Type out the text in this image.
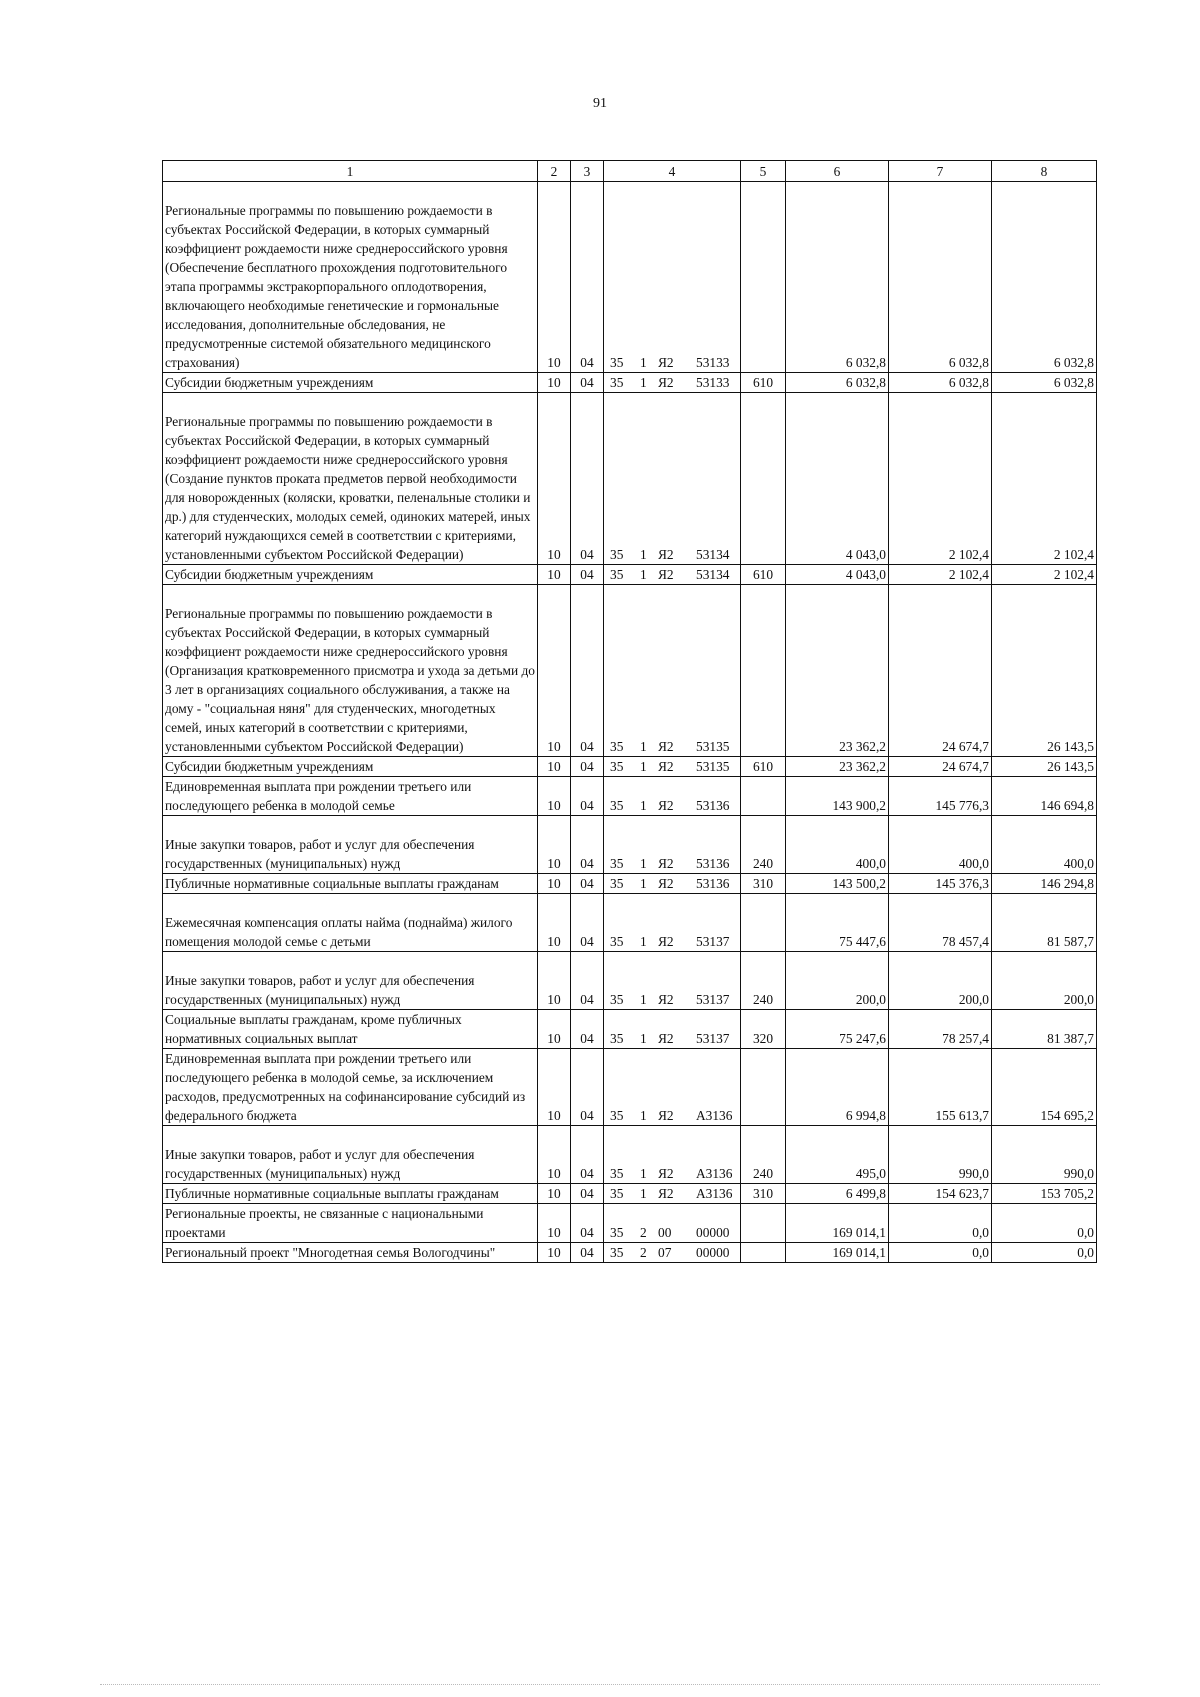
91
1	2	3	4	5	6	7	8

Региональные программы по повышению рождаемости в субъектах Российской Федерации, в которых суммарный коэффициент рождаемости ниже среднероссийского уровня (Обеспечение бесплатного прохождения подготовительного этапа программы экстракорпорального оплодотворения, включающего необходимые генетические и гормональные исследования, дополнительные обследования, не предусмотренные системой обязательного медицинского страхования)	10	04	35 1 Я2 53133		6 032,8	6 032,8	6 032,8
Субсидии бюджетным учреждениям	10	04	35 1 Я2 53133	610	6 032,8	6 032,8	6 032,8

Региональные программы по повышению рождаемости в субъектах Российской Федерации, в которых суммарный коэффициент рождаемости ниже среднероссийского уровня (Создание пунктов проката предметов первой необходимости для новорожденных (коляски, кроватки, пеленальные столики и др.) для студенческих, молодых семей, одиноких матерей, иных категорий нуждающихся семей в соответствии с критериями, установленными субъектом Российской Федерации)	10	04	35 1 Я2 53134		4 043,0	2 102,4	2 102,4
Субсидии бюджетным учреждениям	10	04	35 1 Я2 53134	610	4 043,0	2 102,4	2 102,4

Региональные программы по повышению рождаемости в субъектах Российской Федерации, в которых суммарный коэффициент рождаемости ниже среднероссийского уровня (Организация кратковременного присмотра и ухода за детьми до 3 лет в организациях социального обслуживания, а также на дому - "социальная няня" для студенческих, многодетных семей, иных категорий в соответствии с критериями, установленными субъектом Российской Федерации)	10	04	35 1 Я2 53135		23 362,2	24 674,7	26 143,5
Субсидии бюджетным учреждениям	10	04	35 1 Я2 53135	610	23 362,2	24 674,7	26 143,5
Единовременная выплата при рождении третьего или последующего ребенка в молодой семье	10	04	35 1 Я2 53136		143 900,2	145 776,3	146 694,8

Иные закупки товаров, работ и услуг для обеспечения государственных (муниципальных) нужд	10	04	35 1 Я2 53136	240	400,0	400,0	400,0
Публичные нормативные социальные выплаты гражданам	10	04	35 1 Я2 53136	310	143 500,2	145 376,3	146 294,8

Ежемесячная компенсация оплаты найма (поднайма) жилого помещения молодой семье с детьми	10	04	35 1 Я2 53137		75 447,6	78 457,4	81 587,7

Иные закупки товаров, работ и услуг для обеспечения государственных (муниципальных) нужд	10	04	35 1 Я2 53137	240	200,0	200,0	200,0
Социальные выплаты гражданам, кроме публичных нормативных социальных выплат	10	04	35 1 Я2 53137	320	75 247,6	78 257,4	81 387,7
Единовременная выплата при рождении третьего или последующего ребенка в молодой семье, за исключением расходов, предусмотренных на софинансирование субсидий из федерального бюджета	10	04	35 1 Я2 А3136		6 994,8	155 613,7	154 695,2

Иные закупки товаров, работ и услуг для обеспечения государственных (муниципальных) нужд	10	04	35 1 Я2 А3136	240	495,0	990,0	990,0
Публичные нормативные социальные выплаты гражданам	10	04	35 1 Я2 А3136	310	6 499,8	154 623,7	153 705,2
Региональные проекты, не связанные с национальными проектами	10	04	35 2 00 00000		169 014,1	0,0	0,0
Региональный проект "Многодетная семья Вологодчины"	10	04	35 2 07 00000		169 014,1	0,0	0,0
